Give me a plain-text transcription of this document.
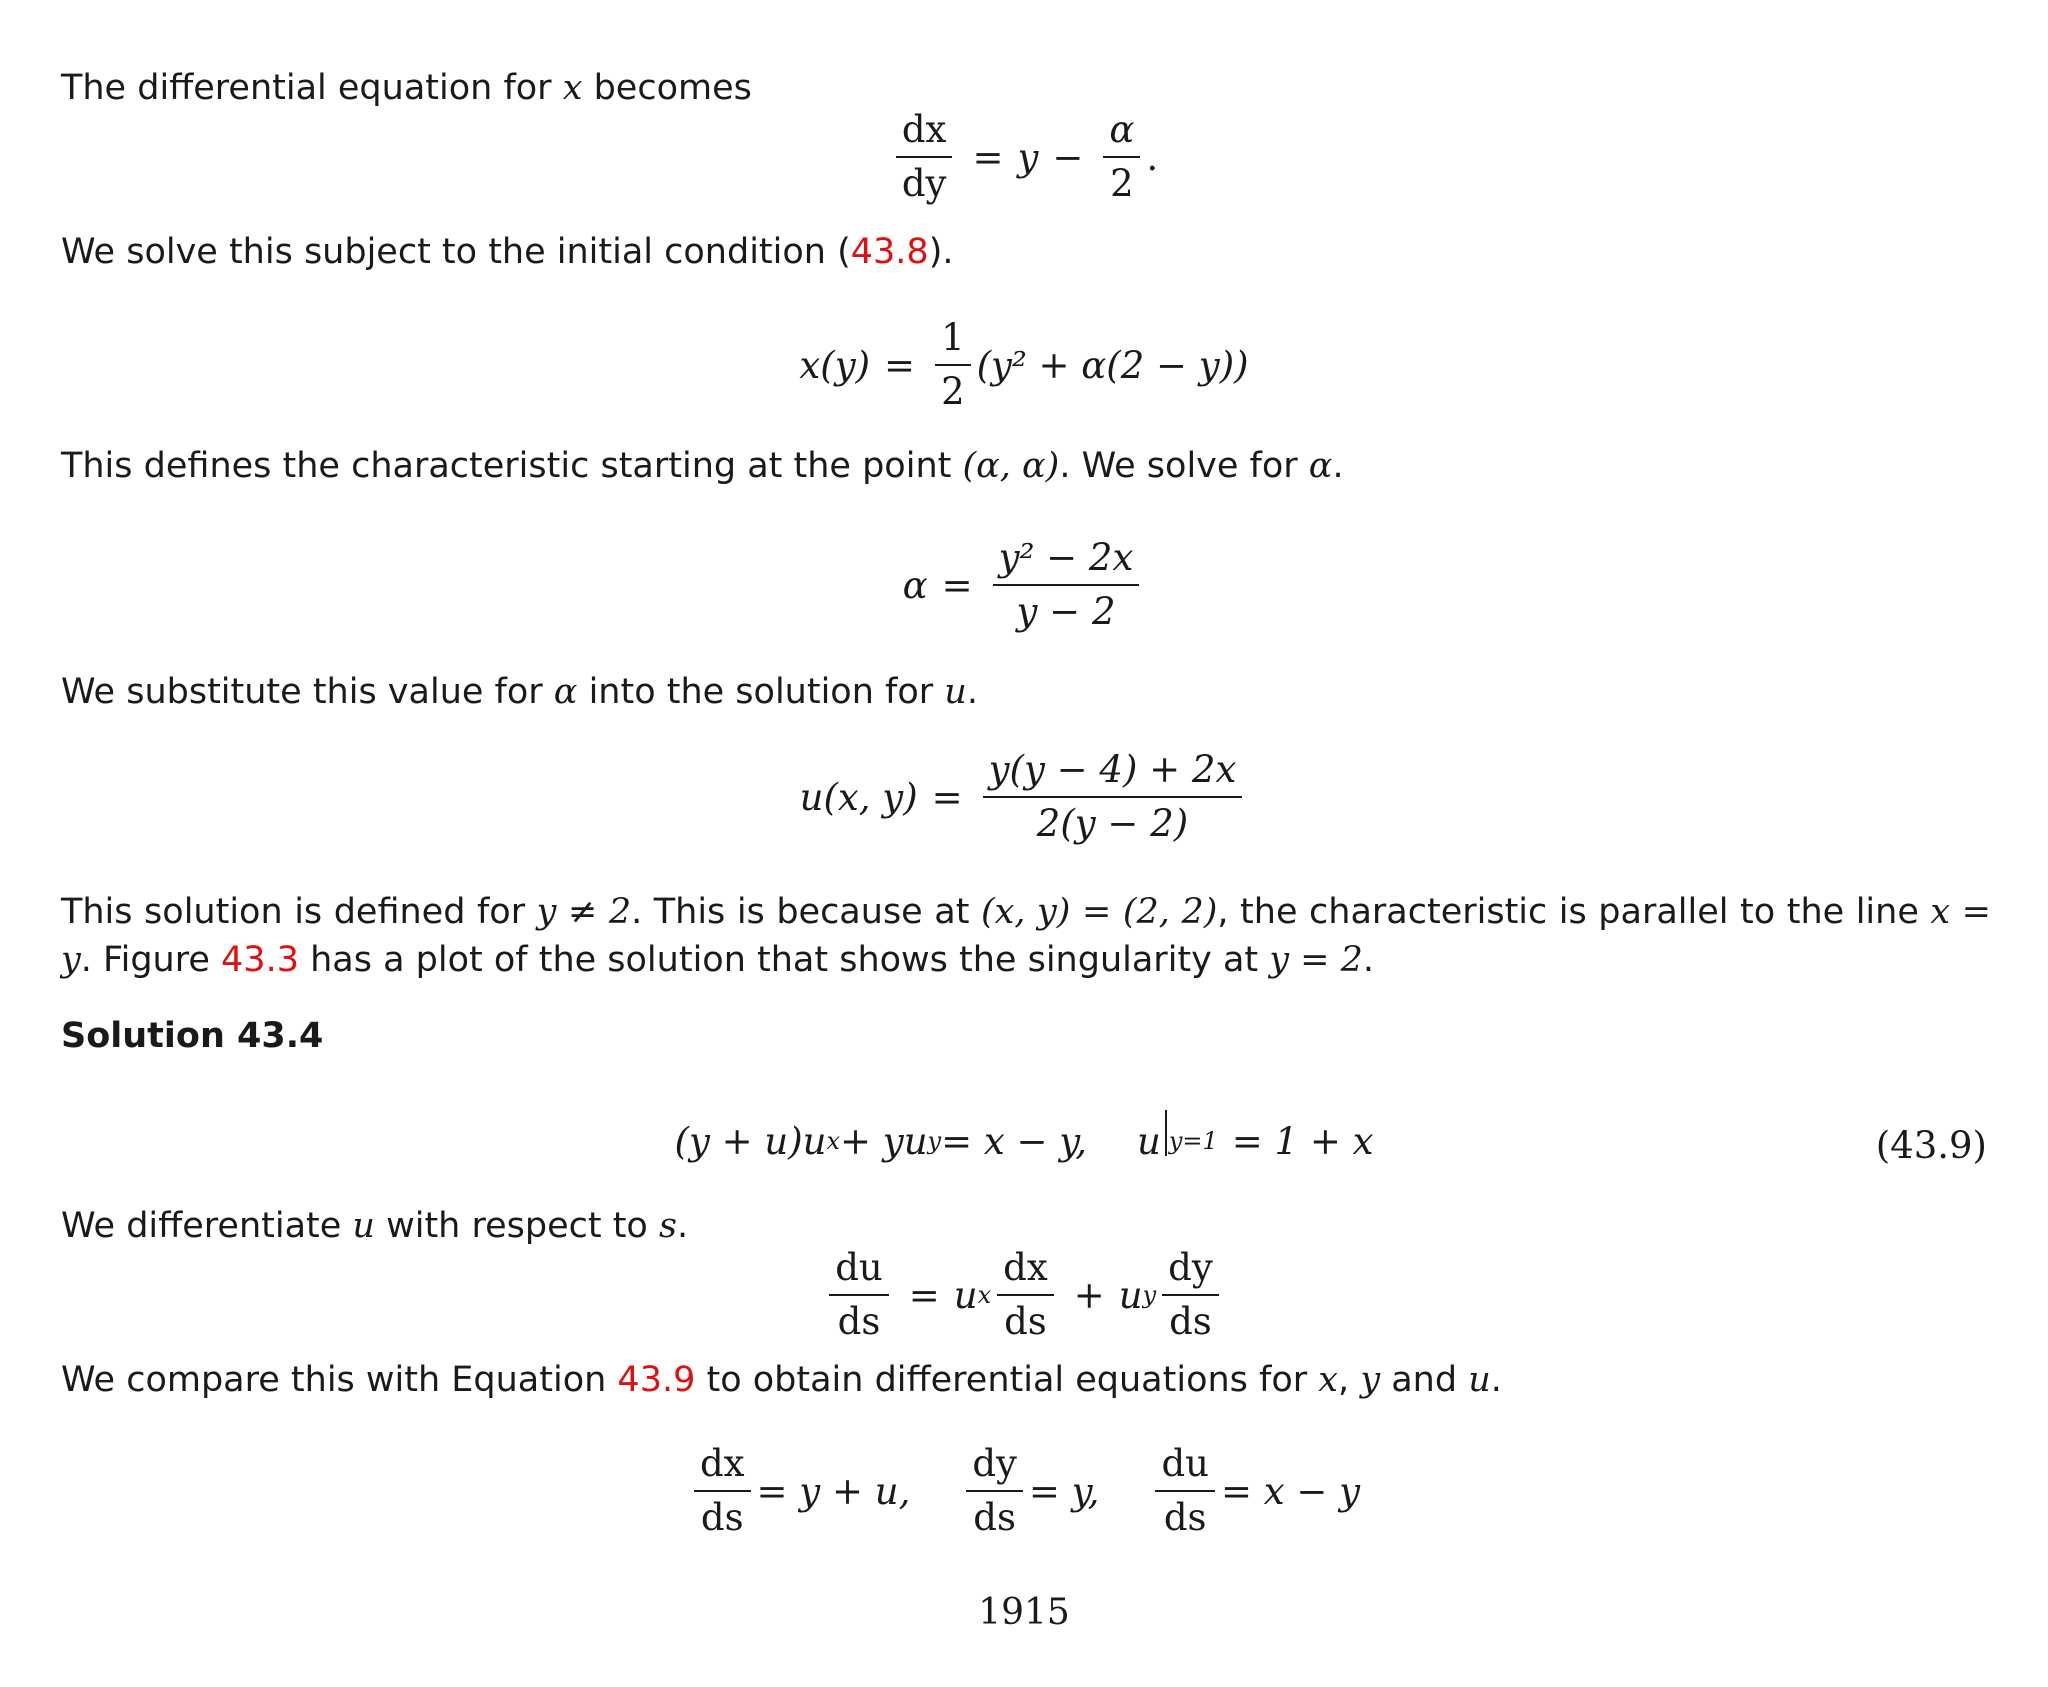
The differential equation for x becomes
$\frac{dx}{dy} = y - \frac{\alpha}{2}$ .
We solve this subject to the initial condition (43.8).
$x(y) = \frac{1}{2} (y^2 + \alpha(2 - y))$
This defines the characteristic starting at the point (α, α). We solve for α.
$\alpha = \frac{\text{y² − 2x}}{y - 2}$
We substitute this value for α into the solution for u.
u(x, $y) = \frac{y(y - 4) + 2x}{2(y - 2)}$
This solution is defined for y ≠ 2. This is because at (x, y) = (2, 2), the characteristic is parallel to the line x = y. Figure 43.3 has a plot of the solution that shows the singularity at y = 2.
Solution 43.4
(y + u)u x + yu y = x − y, u y=1 = 1 + x	(43.9)
We differentiate u with respect to s.
$\frac{du}{ds} = u$ x $\frac{dx}{ds} + u$ y $\frac{dy}{ds}$
We compare this with Equation 43.9 to obtain differential equations for x, y and u.
$\frac{dx}{ds} = y + u$, $\frac{dy}{ds} = y$, $\frac{du}{ds} = x - y$
1915
